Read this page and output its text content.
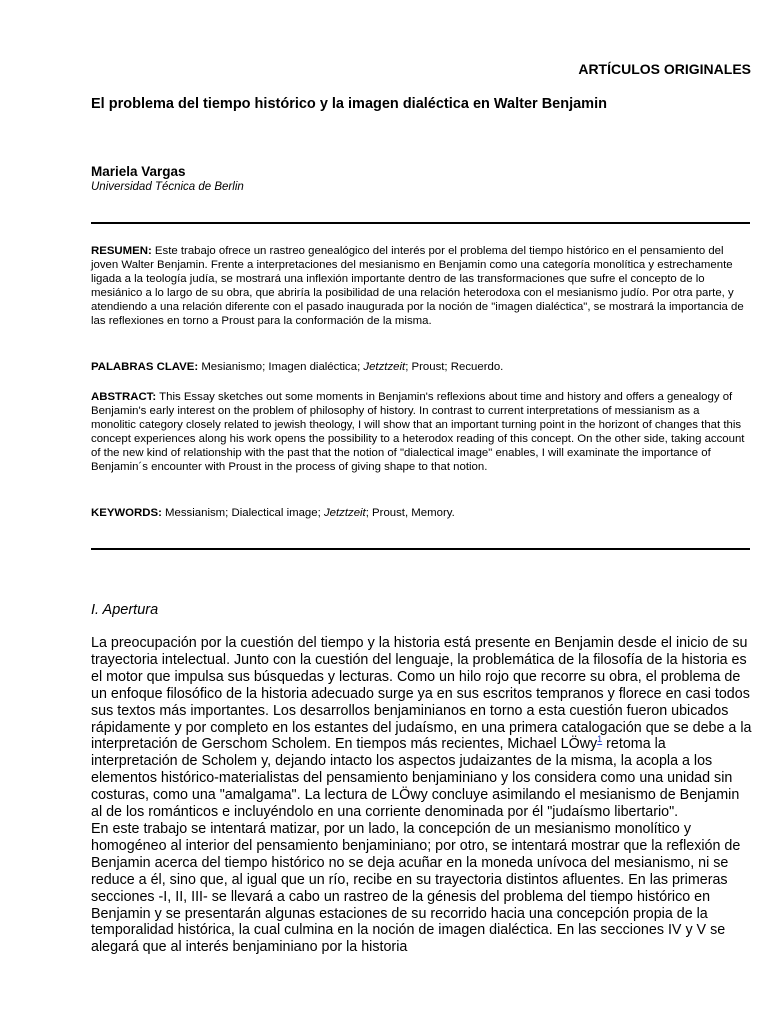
ARTÍCULOS ORIGINALES
El problema del tiempo histórico y la imagen dialéctica en Walter Benjamin
Mariela Vargas
Universidad Técnica de Berlin

RESUMEN: Este trabajo ofrece un rastreo genealógico del interés por el problema del tiempo histórico en el pensamiento del joven Walter Benjamin. Frente a interpretaciones del mesianismo en Benjamin como una categoría monolítica y estrechamente ligada a la teología judía, se mostrará una inflexión importante dentro de las transformaciones que sufre el concepto de lo mesiánico a lo largo de su obra, que abriría la posibilidad de una relación heterodoxa con el mesianismo judío. Por otra parte, y atendiendo a una relación diferente con el pasado inaugurada por la noción de "imagen dialéctica", se mostrará la importancia de las reflexiones en torno a Proust para la conformación de la misma.

PALABRAS CLAVE: Mesianismo; Imagen dialéctica; Jetztzeit; Proust; Recuerdo.

ABSTRACT: This Essay sketches out some moments in Benjamin's reflexions about time and history and offers a genealogy of Benjamin's early interest on the problem of philosophy of history. In contrast to current interpretations of messianism as a monolitic category closely related to jewish theology, I will show that an important turning point in the horizont of changes that this concept experiences along his work opens the possibility to a heterodox reading of this concept. On the other side, taking account of the new kind of relationship with the past that the notion of "dialectical image" enables, I will examinate the importance of Benjamin´s encounter with Proust in the process of giving shape to that notion.

KEYWORDS: Messianism; Dialectical image; Jetztzeit; Proust, Memory.

I. Apertura

La preocupación por la cuestión del tiempo y la historia está presente en Benjamin desde el inicio de su trayectoria intelectual. Junto con la cuestión del lenguaje, la problemática de la filosofía de la historia es el motor que impulsa sus búsquedas y lecturas. Como un hilo rojo que recorre su obra, el problema de un enfoque filosófico de la historia adecuado surge ya en sus escritos tempranos y florece en casi todos sus textos más importantes. Los desarrollos benjaminianos en torno a esta cuestión fueron ubicados rápidamente y por completo en los estantes del judaísmo, en una primera catalogación que se debe a la interpretación de Gerschom Scholem. En tiempos más recientes, Michael LÖwy$^1$ retoma la interpretación de Scholem y, dejando intacto los aspectos judaizantes de la misma, la acopla a los elementos histórico-materialistas del pensamiento benjaminiano y los considera como una unidad sin costuras, como una "amalgama". La lectura de LÖwy concluye asimilando el mesianismo de Benjamin al de los románticos e incluyéndolo en una corriente denominada por él "judaísmo libertario".

En este trabajo se intentará matizar, por un lado, la concepción de un mesianismo monolítico y homogéneo al interior del pensamiento benjaminiano; por otro, se intentará mostrar que la reflexión de Benjamin acerca del tiempo histórico no se deja acuñar en la moneda unívoca del mesianismo, ni se reduce a él, sino que, al igual que un río, recibe en su trayectoria distintos afluentes. En las primeras secciones -I, II, III- se llevará a cabo un rastreo de la génesis del problema del tiempo histórico en Benjamin y se presentarán algunas estaciones de su recorrido hacia una concepción propia de la temporalidad histórica, la cual culmina en la noción de imagen dialéctica. En las secciones IV y V se alegará que al interés benjaminiano por la historia
